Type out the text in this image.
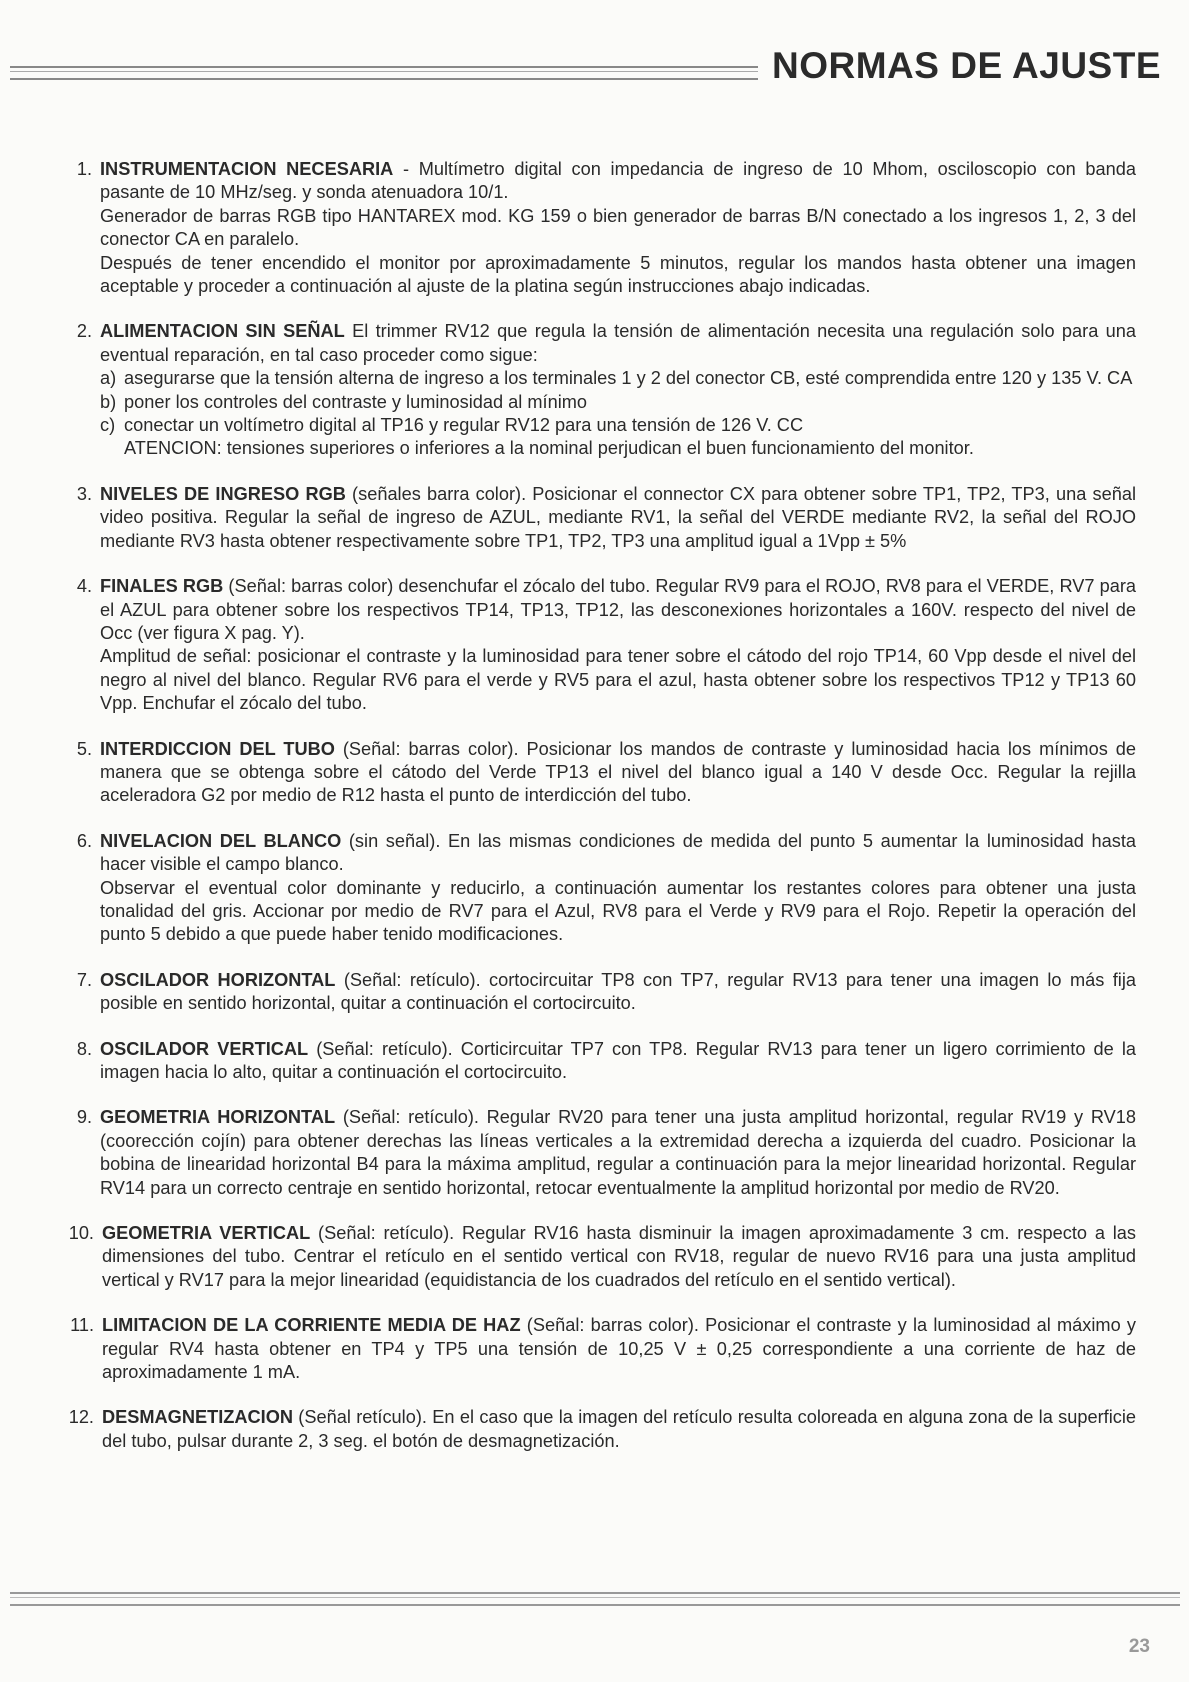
NORMAS DE AJUSTE
1. INSTRUMENTACION NECESARIA - Multímetro digital con impedancia de ingreso de 10 Mhom, osciloscopio con banda pasante de 10 MHz/seg. y sonda atenuadora 10/1.
Generador de barras RGB tipo HANTAREX mod. KG 159 o bien generador de barras B/N conectado a los ingresos 1, 2, 3 del conector CA en paralelo.
Después de tener encendido el monitor por aproximadamente 5 minutos, regular los mandos hasta obtener una imagen aceptable y proceder a continuación al ajuste de la platina según instrucciones abajo indicadas.
2. ALIMENTACION SIN SEÑAL El trimmer RV12 que regula la tensión de alimentación necesita una regulación solo para una eventual reparación, en tal caso proceder como sigue:
a) asegurarse que la tensión alterna de ingreso a los terminales 1 y 2 del conector CB, esté comprendida entre 120 y 135 V. CA
b) poner los controles del contraste y luminosidad al mínimo
c) conectar un voltímetro digital al TP16 y regular RV12 para una tensión de 126 V. CC
ATENCION: tensiones superiores o inferiores a la nominal perjudican el buen funcionamiento del monitor.
3. NIVELES DE INGRESO RGB (señales barra color). Posicionar el connector CX para obtener sobre TP1, TP2, TP3, una señal video positiva. Regular la señal de ingreso de AZUL, mediante RV1, la señal del VERDE mediante RV2, la señal del ROJO mediante RV3 hasta obtener respectivamente sobre TP1, TP2, TP3 una amplitud igual a 1Vpp ± 5%
4. FINALES RGB (Señal: barras color) desenchufar el zócalo del tubo. Regular RV9 para el ROJO, RV8 para el VERDE, RV7 para el AZUL para obtener sobre los respectivos TP14, TP13, TP12, las desconexiones horizontales a 160V. respecto del nivel de Occ (ver figura X pag. Y).
Amplitud de señal: posicionar el contraste y la luminosidad para tener sobre el cátodo del rojo TP14, 60 Vpp desde el nivel del negro al nivel del blanco. Regular RV6 para el verde y RV5 para el azul, hasta obtener sobre los respectivos TP12 y TP13 60 Vpp. Enchufar el zócalo del tubo.
5. INTERDICCION DEL TUBO (Señal: barras color). Posicionar los mandos de contraste y luminosidad hacia los mínimos de manera que se obtenga sobre el cátodo del Verde TP13 el nivel del blanco igual a 140 V desde Occ. Regular la rejilla aceleradora G2 por medio de R12 hasta el punto de interdicción del tubo.
6. NIVELACION DEL BLANCO (sin señal). En las mismas condiciones de medida del punto 5 aumentar la luminosidad hasta hacer visible el campo blanco.
Observar el eventual color dominante y reducirlo, a continuación aumentar los restantes colores para obtener una justa tonalidad del gris. Accionar por medio de RV7 para el Azul, RV8 para el Verde y RV9 para el Rojo. Repetir la operación del punto 5 debido a que puede haber tenido modificaciones.
7. OSCILADOR HORIZONTAL (Señal: retículo). cortocircuitar TP8 con TP7, regular RV13 para tener una imagen lo más fija posible en sentido horizontal, quitar a continuación el cortocircuito.
8. OSCILADOR VERTICAL (Señal: retículo). Corticircuitar TP7 con TP8. Regular RV13 para tener un ligero corrimiento de la imagen hacia lo alto, quitar a continuación el cortocircuito.
9. GEOMETRIA HORIZONTAL (Señal: retículo). Regular RV20 para tener una justa amplitud horizontal, regular RV19 y RV18 (coorección cojín) para obtener derechas las líneas verticales a la extremidad derecha a izquierda del cuadro. Posicionar la bobina de linearidad horizontal B4 para la máxima amplitud, regular a continuación para la mejor linearidad horizontal. Regular RV14 para un correcto centraje en sentido horizontal, retocar eventualmente la amplitud horizontal por medio de RV20.
10. GEOMETRIA VERTICAL (Señal: retículo). Regular RV16 hasta disminuir la imagen aproximadamente 3 cm. respecto a las dimensiones del tubo. Centrar el retículo en el sentido vertical con RV18, regular de nuevo RV16 para una justa amplitud vertical y RV17 para la mejor linearidad (equidistancia de los cuadrados del retículo en el sentido vertical).
11. LIMITACION DE LA CORRIENTE MEDIA DE HAZ (Señal: barras color). Posicionar el contraste y la luminosidad al máximo y regular RV4 hasta obtener en TP4 y TP5 una tensión de 10,25 V ± 0,25 correspondiente a una corriente de haz de aproximadamente 1 mA.
12. DESMAGNETIZACION (Señal retículo). En el caso que la imagen del retículo resulta coloreada en alguna zona de la superficie del tubo, pulsar durante 2, 3 seg. el botón de desmagnetización.
23
